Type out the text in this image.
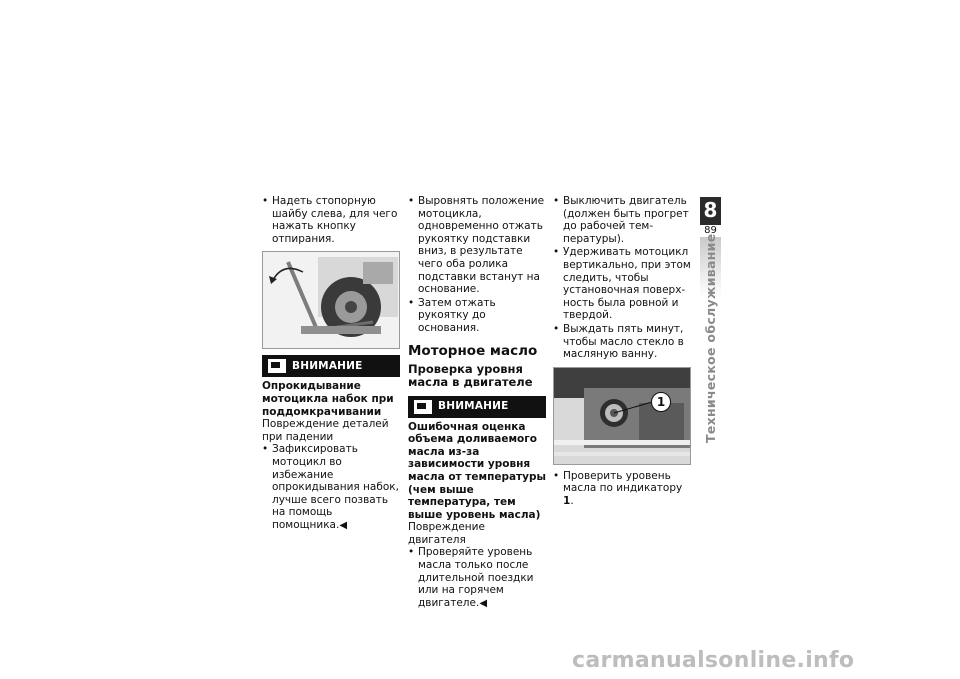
• Надеть стопорную шайбу слева, для чего нажать кнопку отпирания.
ВНИМАНИЕ
Опрокидывание мотоцикла набок при поддомкрачивании
Повреждение деталей при падении
• Зафиксировать мотоцикл во избежание опрокидывания набок, лучше всего позвать на помощь помощника.◀
• Выровнять положение мотоцикла, одновременно отжать рукоятку подставки вниз, в результате чего оба ролика подставки встанут на основание.
• Затем отжать рукоятку до основания.
Моторное масло
Проверка уровня масла в двигателе
ВНИМАНИЕ
Ошибочная оценка объема доливаемого масла из-за зависимости уровня масла от температуры (чем выше температура, тем выше уровень масла)
Повреждение двигателя
• Проверяйте уровень масла только после длительной поездки или на горячем двигателе.◀
• Выключить двигатель (должен быть прогрет до рабочей температуры).
• Удерживать мотоцикл вертикально, при этом следить, чтобы установочная поверхность была ровной и твердой.
• Выждать пять минут, чтобы масло стекло в масляную ванну.
1
• Проверить уровень масла по индикатору 1.
8
89
Техническое обслуживание
carmanualsonline.info
